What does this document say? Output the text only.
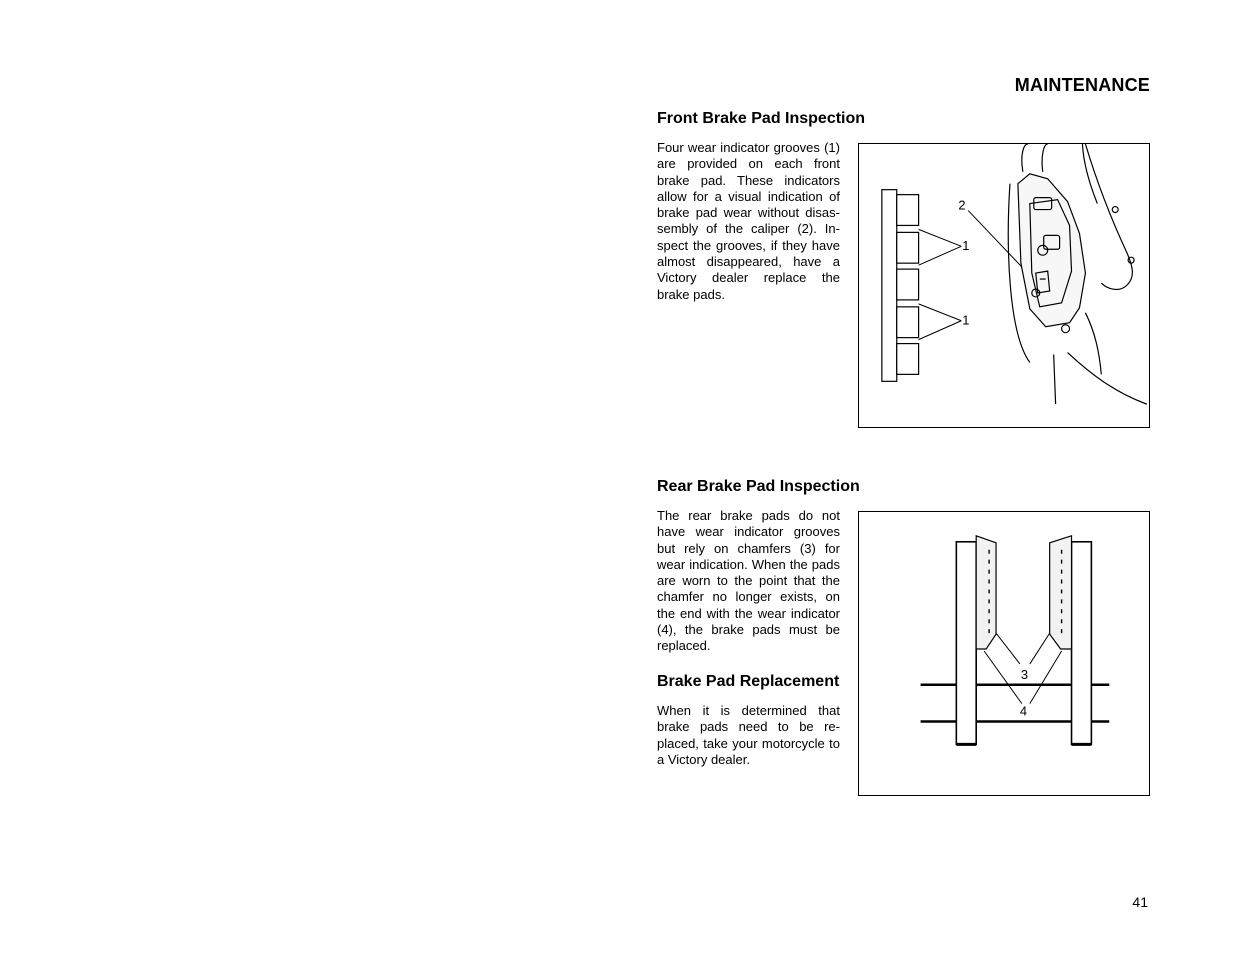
MAINTENANCE
Front Brake Pad Inspection
Four wear indicator grooves (1) are provided on each front brake pad. These indicators allow for a visual indication of brake pad wear without disassembly of the caliper (2). Inspect the grooves, if they have almost disappeared, have a Victory dealer replace the brake pads.
2
1
1
Rear Brake Pad Inspection
The rear brake pads do not have wear indicator grooves but rely on chamfers (3) for wear indication. When the pads are worn to the point that the chamfer no longer exists, on the end with the wear indicator (4), the brake pads must be replaced.
3
4
Brake Pad Replacement
When it is determined that brake pads need to be replaced, take your motorcycle to a Victory dealer.
41
